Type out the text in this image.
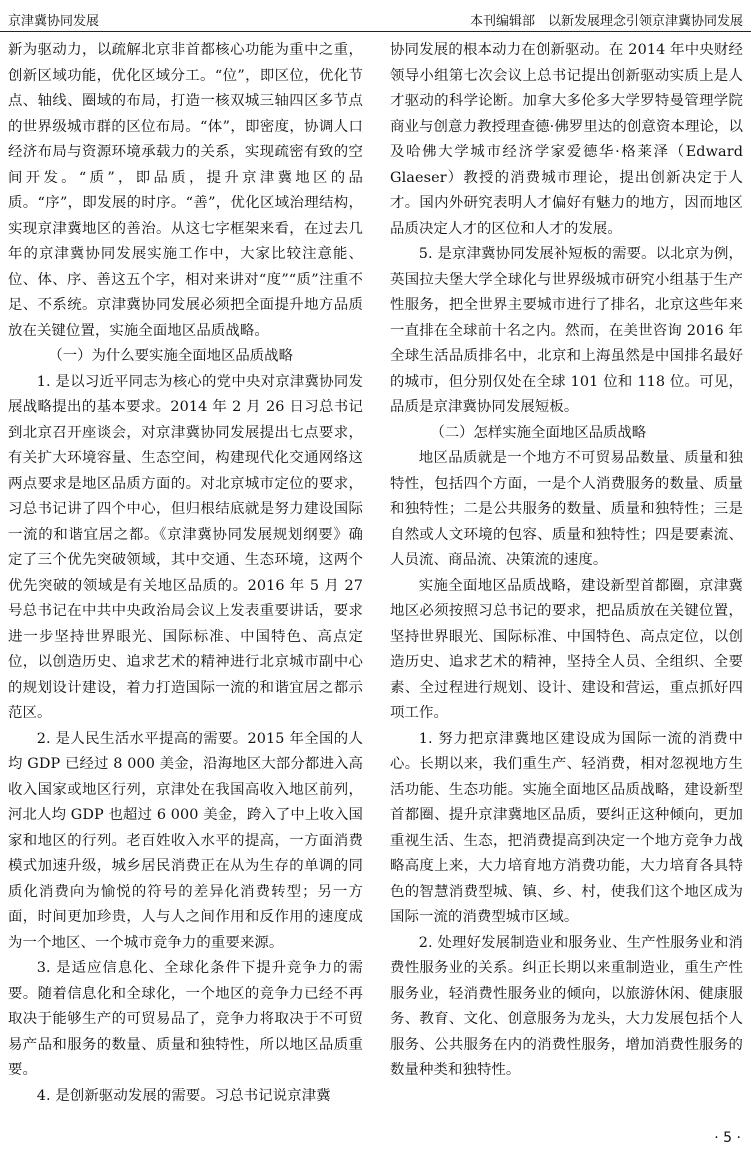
京津冀协同发展	本刊编辑部　以新发展理念引领京津冀协同发展

新为驱动力，以疏解北京非首都核心功能为重中之重，创新区域功能，优化区域分工。“位”，即区位，优化节点、轴线、圈域的布局，打造一核双城三轴四区多节点的世界级城市群的区位布局。“体”，即密度，协调人口经济布局与资源环境承载力的关系，实现疏密有致的空间开发。“质”，即品质，提升京津冀地区的品质。“序”，即发展的时序。“善”，优化区域治理结构，实现京津冀地区的善治。从这七字框架来看，在过去几年的京津冀协同发展实施工作中，大家比较注意能、位、体、序、善这五个字，相对来讲对“度”“质”注重不足、不系统。京津冀协同发展必须把全面提升地方品质放在关键位置，实施全面地区品质战略。

（一）为什么要实施全面地区品质战略

1. 是以习近平同志为核心的党中央对京津冀协同发展战略提出的基本要求。2014 年 2 月 26 日习总书记到北京召开座谈会，对京津冀协同发展提出七点要求，有关扩大环境容量、生态空间，构建现代化交通网络这两点要求是地区品质方面的。对北京城市定位的要求，习总书记讲了四个中心，但归根结底就是努力建设国际一流的和谐宜居之都。《京津冀协同发展规划纲要》确定了三个优先突破领域，其中交通、生态环境，这两个优先突破的领域是有关地区品质的。2016 年 5 月 27 号总书记在中共中央政治局会议上发表重要讲话，要求进一步坚持世界眼光、国际标准、中国特色、高点定位，以创造历史、追求艺术的精神进行北京城市副中心的规划设计建设，着力打造国际一流的和谐宜居之都示范区。

2. 是人民生活水平提高的需要。2015 年全国的人均 GDP 已经过 8 000 美金，沿海地区大部分都进入高收入国家或地区行列，京津处在我国高收入地区前列，河北人均 GDP 也超过 6 000 美金，跨入了中上收入国家和地区的行列。老百姓收入水平的提高，一方面消费模式加速升级，城乡居民消费正在从为生存的单调的同质化消费向为愉悦的符号的差异化消费转型；另一方面，时间更加珍贵，人与人之间作用和反作用的速度成为一个地区、一个城市竞争力的重要来源。

3. 是适应信息化、全球化条件下提升竞争力的需要。随着信息化和全球化，一个地区的竞争力已经不再取决于能够生产的可贸易品了，竞争力将取决于不可贸易产品和服务的数量、质量和独特性，所以地区品质重要。

4. 是创新驱动发展的需要。习总书记说京津冀

协同发展的根本动力在创新驱动。在 2014 年中央财经领导小组第七次会议上总书记提出创新驱动实质上是人才驱动的科学论断。加拿大多伦多大学罗特曼管理学院商业与创意力教授理查德·佛罗里达的创意资本理论，以及哈佛大学城市经济学家爱德华·格莱泽（Edward Glaeser）教授的消费城市理论，提出创新决定于人才。国内外研究表明人才偏好有魅力的地方，因而地区品质决定人才的区位和人才的发展。

5. 是京津冀协同发展补短板的需要。以北京为例，英国拉夫堡大学全球化与世界级城市研究小组基于生产性服务，把全世界主要城市进行了排名，北京这些年来一直排在全球前十名之内。然而，在美世咨询 2016 年全球生活品质排名中，北京和上海虽然是中国排名最好的城市，但分别仅处在全球 101 位和 118 位。可见，品质是京津冀协同发展短板。

（二）怎样实施全面地区品质战略

地区品质就是一个地方不可贸易品数量、质量和独特性，包括四个方面，一是个人消费服务的数量、质量和独特性；二是公共服务的数量、质量和独特性；三是自然或人文环境的包容、质量和独特性；四是要素流、人员流、商品流、决策流的速度。

实施全面地区品质战略，建设新型首都圈，京津冀地区必须按照习总书记的要求，把品质放在关键位置，坚持世界眼光、国际标准、中国特色、高点定位，以创造历史、追求艺术的精神，坚持全人员、全组织、全要素、全过程进行规划、设计、建设和营运，重点抓好四项工作。

1. 努力把京津冀地区建设成为国际一流的消费中心。长期以来，我们重生产、轻消费，相对忽视地方生活功能、生态功能。实施全面地区品质战略，建设新型首都圈、提升京津冀地区品质，要纠正这种倾向，更加重视生活、生态，把消费提高到决定一个地方竞争力战略高度上来，大力培育地方消费功能，大力培育各具特色的智慧消费型城、镇、乡、村，使我们这个地区成为国际一流的消费型城市区域。

2. 处理好发展制造业和服务业、生产性服务业和消费性服务业的关系。纠正长期以来重制造业，重生产性服务业，轻消费性服务业的倾向，以旅游休闲、健康服务、教育、文化、创意服务为龙头，大力发展包括个人服务、公共服务在内的消费性服务，增加消费性服务的数量种类和独特性。

· 5 ·
